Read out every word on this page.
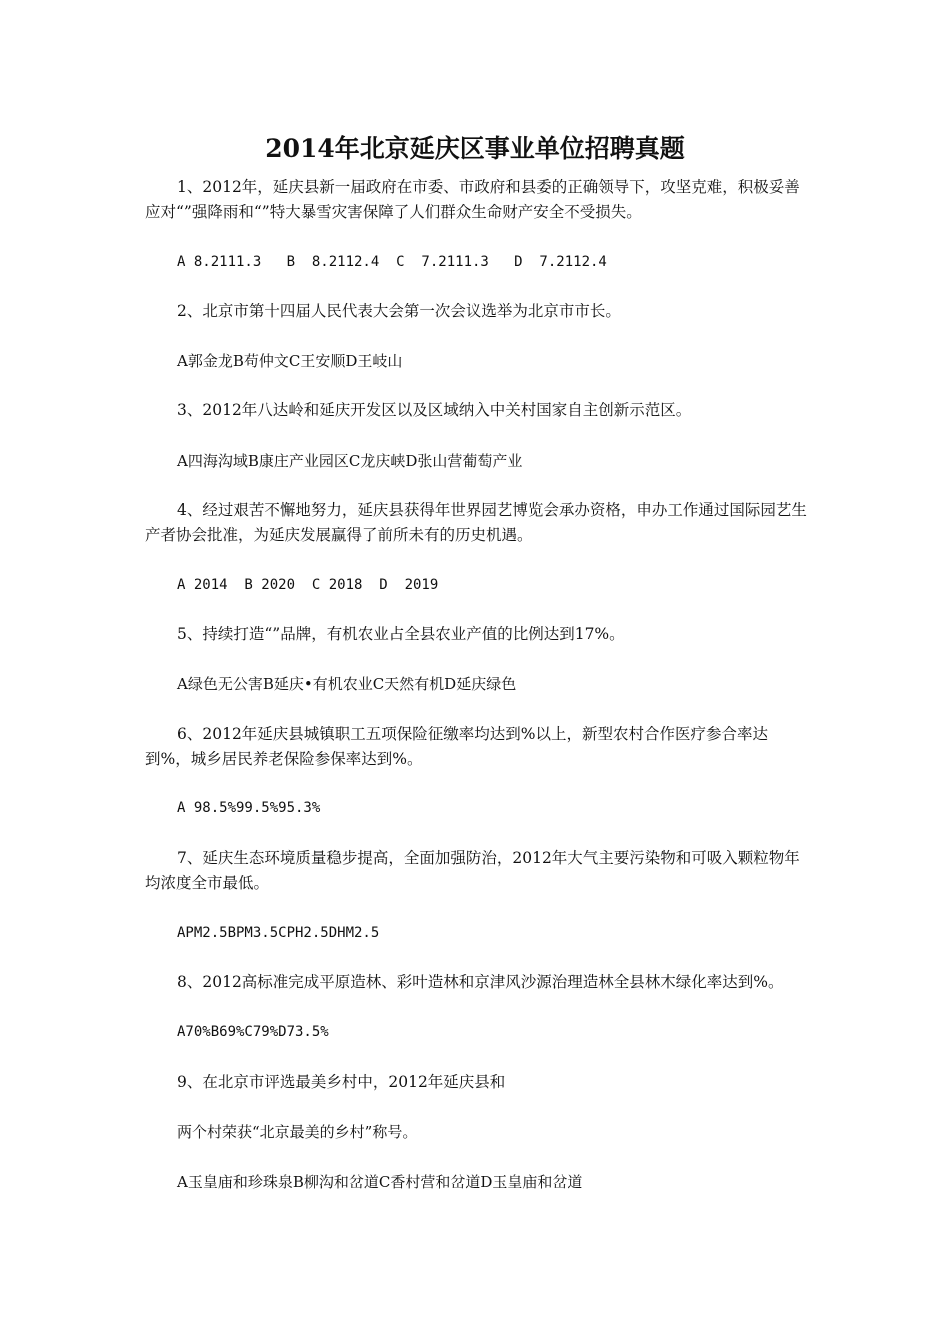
2014年北京延庆区事业单位招聘真题
1、2012年，延庆县新一届政府在市委、市政府和县委的正确领导下，攻坚克难，积极妥善应对“”强降雨和“”特大暴雪灾害保障了人们群众生命财产安全不受损失。
A 8.2111.3   B  8.2112.4  C  7.2111.3   D  7.2112.4
2、北京市第十四届人民代表大会第一次会议选举为北京市市长。
A郭金龙B苟仲文C王安顺D王岐山
3、2012年八达岭和延庆开发区以及区域纳入中关村国家自主创新示范区。
A四海沟域B康庄产业园区C龙庆峡D张山营葡萄产业
4、经过艰苦不懈地努力，延庆县获得年世界园艺博览会承办资格，申办工作通过国际园艺生产者协会批准，为延庆发展赢得了前所未有的历史机遇。
A 2014  B 2020  C 2018  D  2019
5、持续打造“”品牌，有机农业占全县农业产值的比例达到17%。
A绿色无公害B延庆•有机农业C天然有机D延庆绿色
6、2012年延庆县城镇职工五项保险征缴率均达到%以上，新型农村合作医疗参合率达到%，城乡居民养老保险参保率达到%。
A 98.5%99.5%95.3%
7、延庆生态环境质量稳步提高，全面加强防治，2012年大气主要污染物和可吸入颗粒物年均浓度全市最低。
APM2.5BPM3.5CPH2.5DHM2.5
8、2012高标准完成平原造林、彩叶造林和京津风沙源治理造林全县林木绿化率达到%。
A70%B69%C79%D73.5%
9、在北京市评选最美乡村中，2012年延庆县和
两个村荣获“北京最美的乡村”称号。
A玉皇庙和珍珠泉B柳沟和岔道C香村营和岔道D玉皇庙和岔道
